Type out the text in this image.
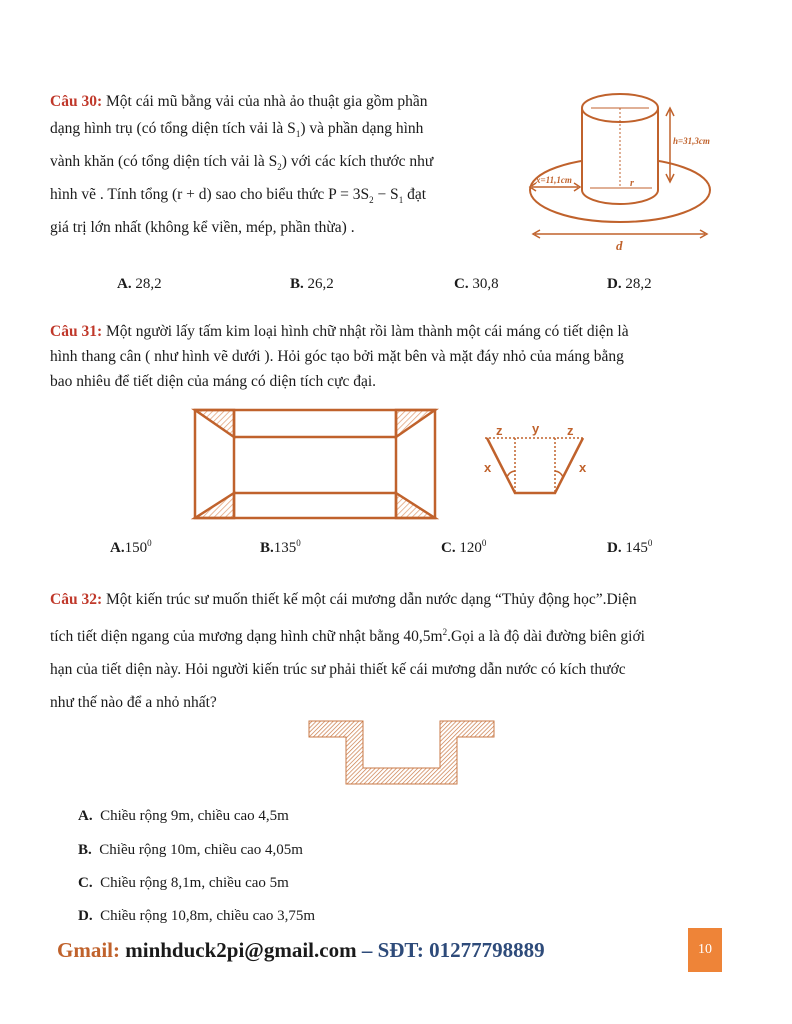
Câu 30: Một cái mũ bằng vải của nhà ảo thuật gia gồm phần
dạng hình trụ (có tổng diện tích vải là $S_1$) và phần dạng hình
vành khăn (có tổng diện tích vải là $S_2$) với các kích thước như
hình vẽ . Tính tổng (r + d) sao cho biểu thức $P = 3S_2 - S_1$ đạt
giá trị lớn nhất (không kể viền, mép, phần thừa) .
h=31,3cm
x=11,1cm	r
d
A. 28,2	B. 26,2	C. 30,8	D. 28,2
Câu 31: Một người lấy tấm kim loại hình chữ nhật rồi làm thành một cái máng có tiết diện là
hình thang cân ( như hình vẽ dưới ). Hỏi góc tạo bởi mặt bên và mặt đáy nhỏ của máng bằng
bao nhiêu để tiết diện của máng có diện tích cực đại.
z y z
x	x
A.150$^0$	B.135$^0$	C. $120^0$	D. $145^0$
Câu 32: Một kiến trúc sư muốn thiết kế một cái mương dẫn nước dạng “Thủy động học”.Diện
tích tiết diện ngang của mương dạng hình chữ nhật bằng $40,5m^2.Gọi$ a là độ dài đường biên giới
hạn của tiết diện này. Hỏi người kiến trúc sư phải thiết kế cái mương dẫn nước có kích thước
như thế nào để a nhỏ nhất?
A. Chiều rộng 9m, chiều cao 4,5m
B. Chiều rộng 10m, chiều cao 4,05m
C. Chiều rộng 8,1m, chiều cao 5m
D. Chiều rộng 10,8m, chiều cao 3,75m
Gmail: minhduck2pi@gmail.com – SĐT: 01277798889	10
